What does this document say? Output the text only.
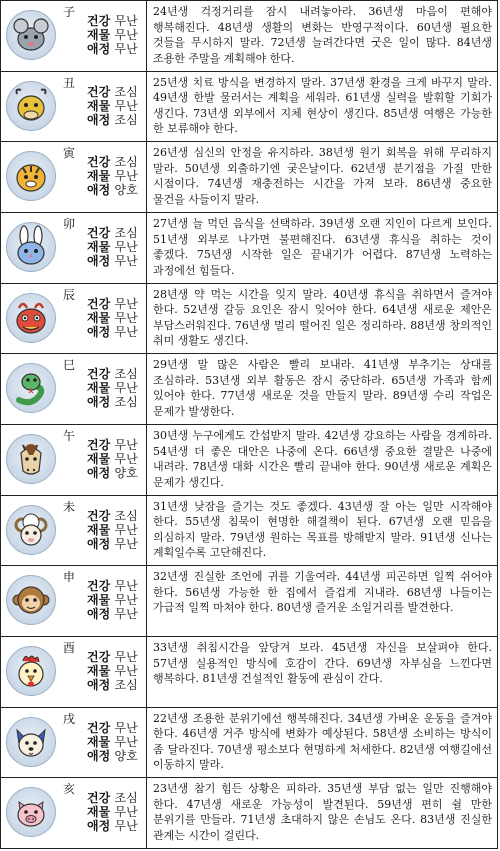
子
건강 무난
재물 무난
애정 무난
24년생 걱정거리를 잠시 내려놓아라. 36년생 마음이 편해야 행복해진다. 48년생 생활의 변화는 반영구적이다. 60년생 필요한 것들을 무시하지 말라. 72년생 늘려간다면 굿은 일이 많다. 84년생 조용한 주말을 계획해야 한다.
丑
건강 조심
재물 무난
애정 조심
25년생 치료 방식을 변경하지 말라. 37년생 환경을 크게 바꾸지 말라. 49년생 한발 물러서는 계획을 세워라. 61년생 실력을 발휘할 기회가 생긴다. 73년생 외부에서 지체 현상이 생긴다. 85년생 여행은 가능한 한 보류해야 한다.
寅
건강 조심
재물 무난
애정 양호
26년생 심신의 안정을 유지하라. 38년생 원기 회복을 위해 무리하지 말라. 50년생 외출하기엔 궂은날이다. 62년생 분기점을 가질 만한 시점이다. 74년생 재충전하는 시간을 가져 보라. 86년생 중요한 물건을 사들이지 말라.
卯
건강 조심
재물 무난
애정 무난
27년생 늘 먹던 음식을 선택하라. 39년생 오랜 지인이 다르게 보인다. 51년생 외부로 나가면 불편해진다. 63년생 휴식을 취하는 것이 좋겠다. 75년생 시작한 일은 끝내기가 어렵다. 87년생 노력하는 과정에선 힘들다.
辰
건강 무난
재물 무난
애정 무난
28년생 약 먹는 시간을 잊지 말라. 40년생 휴식을 취하면서 즐겨야 한다. 52년생 갈등 요인은 잠시 잊어야 한다. 64년생 새로운 제안은 부담스러워진다. 76년생 멀리 떨어진 일은 정리하라. 88년생 창의적인 취미 생활도 생긴다.
巳
건강 조심
재물 무난
애정 조심
29년생 말 많은 사람은 빨리 보내라. 41년생 부추기는 상대를 조심하라. 53년생 외부 활동은 잠시 중단하라. 65년생 가족과 함께 있어야 한다. 77년생 새로운 것을 만들지 말라. 89년생 수리 작업은 문제가 발생한다.
午
건강 무난
재물 무난
애정 양호
30년생 누구에게도 간섭받지 말라. 42년생 강요하는 사람을 경계하라. 54년생 더 좋은 대안은 나중에 온다. 66년생 중요한 결말은 나중에 내려라. 78년생 대화 시간은 빨리 끝내야 한다. 90년생 새로운 계획은 문제가 생긴다.
未
건강 조심
재물 무난
애정 무난
31년생 낮잠을 즐기는 것도 좋겠다. 43년생 잘 아는 일만 시작해야 한다. 55년생 침묵이 현명한 해결책이 된다. 67년생 오랜 믿음을 의심하지 말라. 79년생 원하는 목표를 방해받지 말라. 91년생 신나는 계획일수록 고단해진다.
申
건강 무난
재물 무난
애정 무난
32년생 진실한 조언에 귀를 기울여라. 44년생 피곤하면 일찍 쉬어야 한다. 56년생 가능한 한 집에서 즐겁게 지내라. 68년생 나들이는 가급적 일찍 마쳐야 한다. 80년생 즐거운 소일거리를 발견한다.
酉
건강 무난
재물 무난
애정 조심
33년생 취침시간을 앞당겨 보라. 45년생 자신을 보살펴야 한다. 57년생 실용적인 방식에 호감이 간다. 69년생 자부심을 느낀다면 행복하다. 81년생 건설적인 활동에 관심이 간다.
戌
건강 무난
재물 무난
애정 양호
22년생 조용한 분위기에선 행복해진다. 34년생 가벼운 운동을 즐겨야 한다. 46년생 거주 방식에 변화가 예상된다. 58년생 소비하는 방식이 좀 달라진다. 70년생 평소보다 현명하게 처세한다. 82년생 여행길에선 이동하지 말라.
亥
건강 조심
재물 무난
애정 무난
23년생 참기 힘든 상황은 피하라. 35년생 부담 없는 일만 진행해야 한다. 47년생 새로운 가능성이 발견된다. 59년생 편히 쉴 만한 분위기를 만들라. 71년생 초대하지 않은 손님도 온다. 83년생 진실한 관계는 시간이 걸린다.
